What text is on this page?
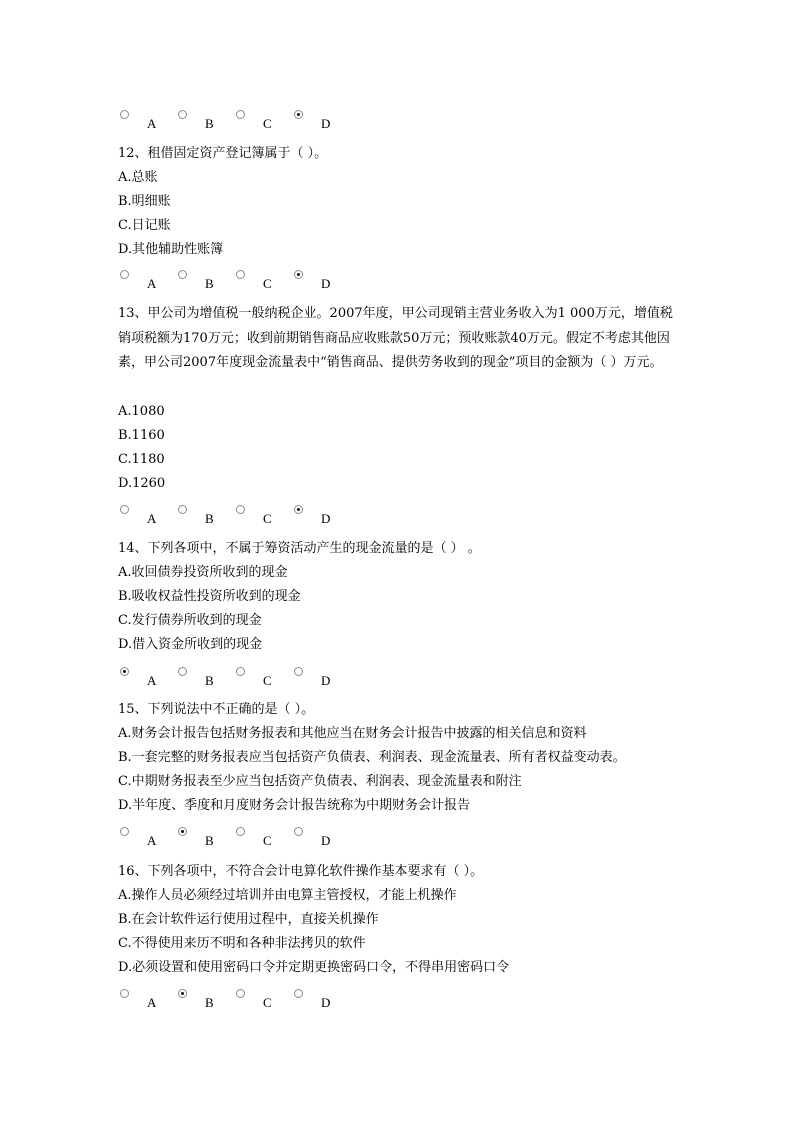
A	B	C	D
12、租借固定资产登记簿属于（ ）。
A.总账
B.明细账
C.日记账
D.其他辅助性账簿
A	B	C	D
13、甲公司为增值税一般纳税企业。2007年度，甲公司现销主营业务收入为1 000万元，增值税销项税额为170万元；收到前期销售商品应收账款50万元；预收账款40万元。假定不考虑其他因素，甲公司2007年度现金流量表中“销售商品、提供劳务收到的现金”项目的金额为（ ）万元。
A.1080
B.1160
C.1180
D.1260
A	B	C	D
14、下列各项中，不属于筹资活动产生的现金流量的是（ ） 。
A.收回债券投资所收到的现金
B.吸收权益性投资所收到的现金
C.发行债券所收到的现金
D.借入资金所收到的现金
A	B	C	D
15、下列说法中不正确的是（ ）。
A.财务会计报告包括财务报表和其他应当在财务会计报告中披露的相关信息和资料
B.一套完整的财务报表应当包括资产负债表、利润表、现金流量表、所有者权益变动表。
C.中期财务报表至少应当包括资产负债表、利润表、现金流量表和附注
D.半年度、季度和月度财务会计报告统称为中期财务会计报告
A	B	C	D
16、下列各项中，不符合会计电算化软件操作基本要求有（ ）。
A.操作人员必须经过培训并由电算主管授权，才能上机操作
B.在会计软件运行使用过程中，直接关机操作
C.不得使用来历不明和各种非法拷贝的软件
D.必须设置和使用密码口令并定期更换密码口令，不得串用密码口令
A	B	C	D
